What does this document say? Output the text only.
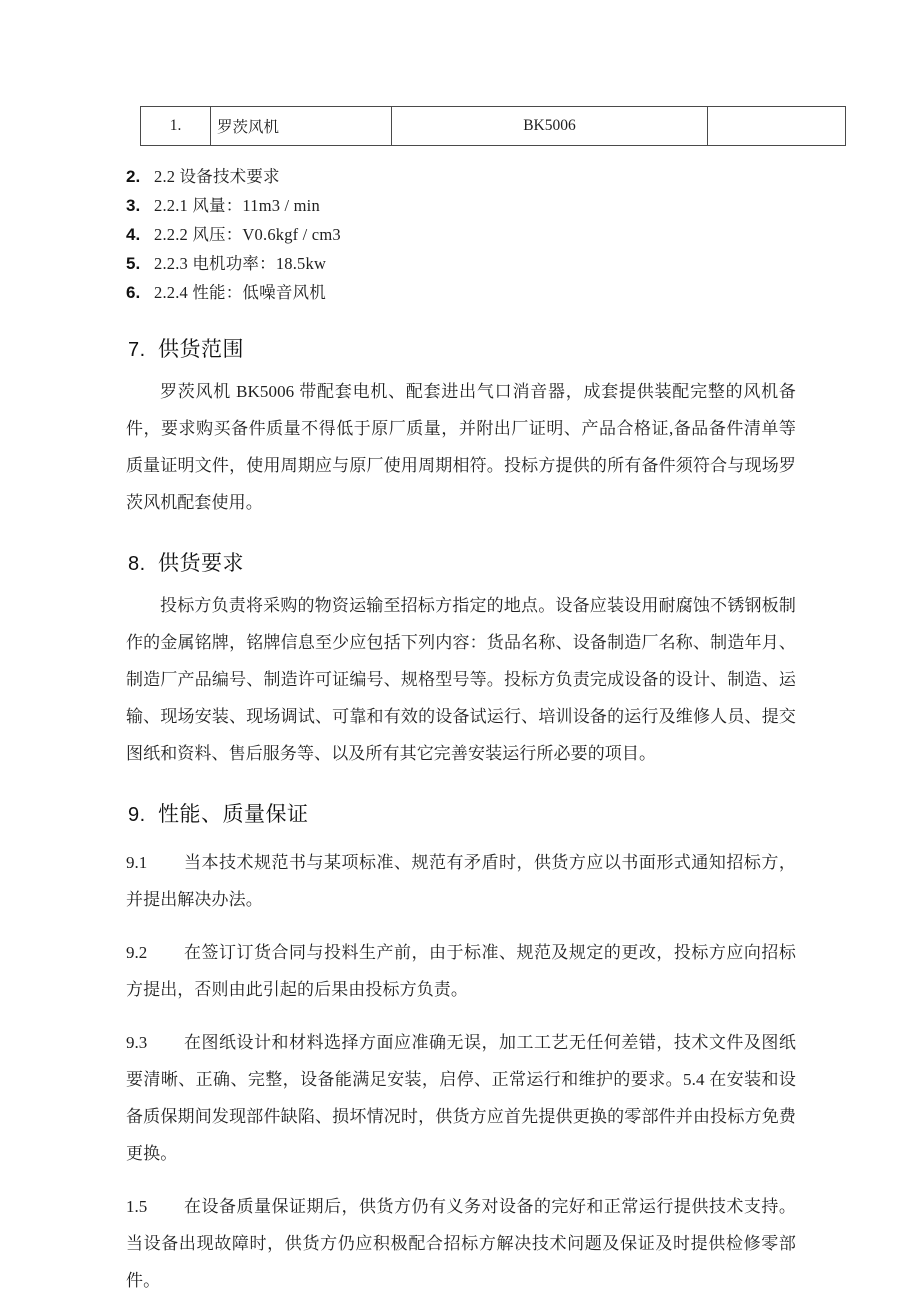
1.	罗茨风机	BK5006	
2. 2.2 设备技术要求
3. 2.2.1 风量：11m3 / min
4. 2.2.2 风压：V0.6kgf / cm3
5. 2.2.3 电机功率：18.5kw
6. 2.2.4 性能：低噪音风机
7. 供货范围

罗茨风机 BK5006 带配套电机、配套进出气口消音器，成套提供装配完整的风机备件，要求购买备件质量不得低于原厂质量，并附出厂证明、产品合格证,备品备件清单等质量证明文件，使用周期应与原厂使用周期相符。投标方提供的所有备件须符合与现场罗茨风机配套使用。

8. 供货要求

投标方负责将采购的物资运输至招标方指定的地点。设备应装设用耐腐蚀不锈钢板制作的金属铭牌，铭牌信息至少应包括下列内容：货品名称、设备制造厂名称、制造年月、制造厂产品编号、制造许可证编号、规格型号等。投标方负责完成设备的设计、制造、运输、现场安装、现场调试、可靠和有效的设备试运行、培训设备的运行及维修人员、提交图纸和资料、售后服务等、以及所有其它完善安装运行所必要的项目。

9. 性能、质量保证
9.1	当本技术规范书与某项标准、规范有矛盾时，供货方应以书面形式通知招标方，并提出解决办法。
9.2	在签订订货合同与投料生产前，由于标准、规范及规定的更改，投标方应向招标方提出，否则由此引起的后果由投标方负责。
9.3	在图纸设计和材料选择方面应准确无误，加工工艺无任何差错，技术文件及图纸要清晰、正确、完整，设备能满足安装，启停、正常运行和维护的要求。5.4 在安装和设备质保期间发现部件缺陷、损坏情况时，供货方应首先提供更换的零部件并由投标方免费更换。
1.5	在设备质量保证期后，供货方仍有义务对设备的完好和正常运行提供技术支持。当设备出现故障时，供货方仍应积极配合招标方解决技术问题及保证及时提供检修零部件。
